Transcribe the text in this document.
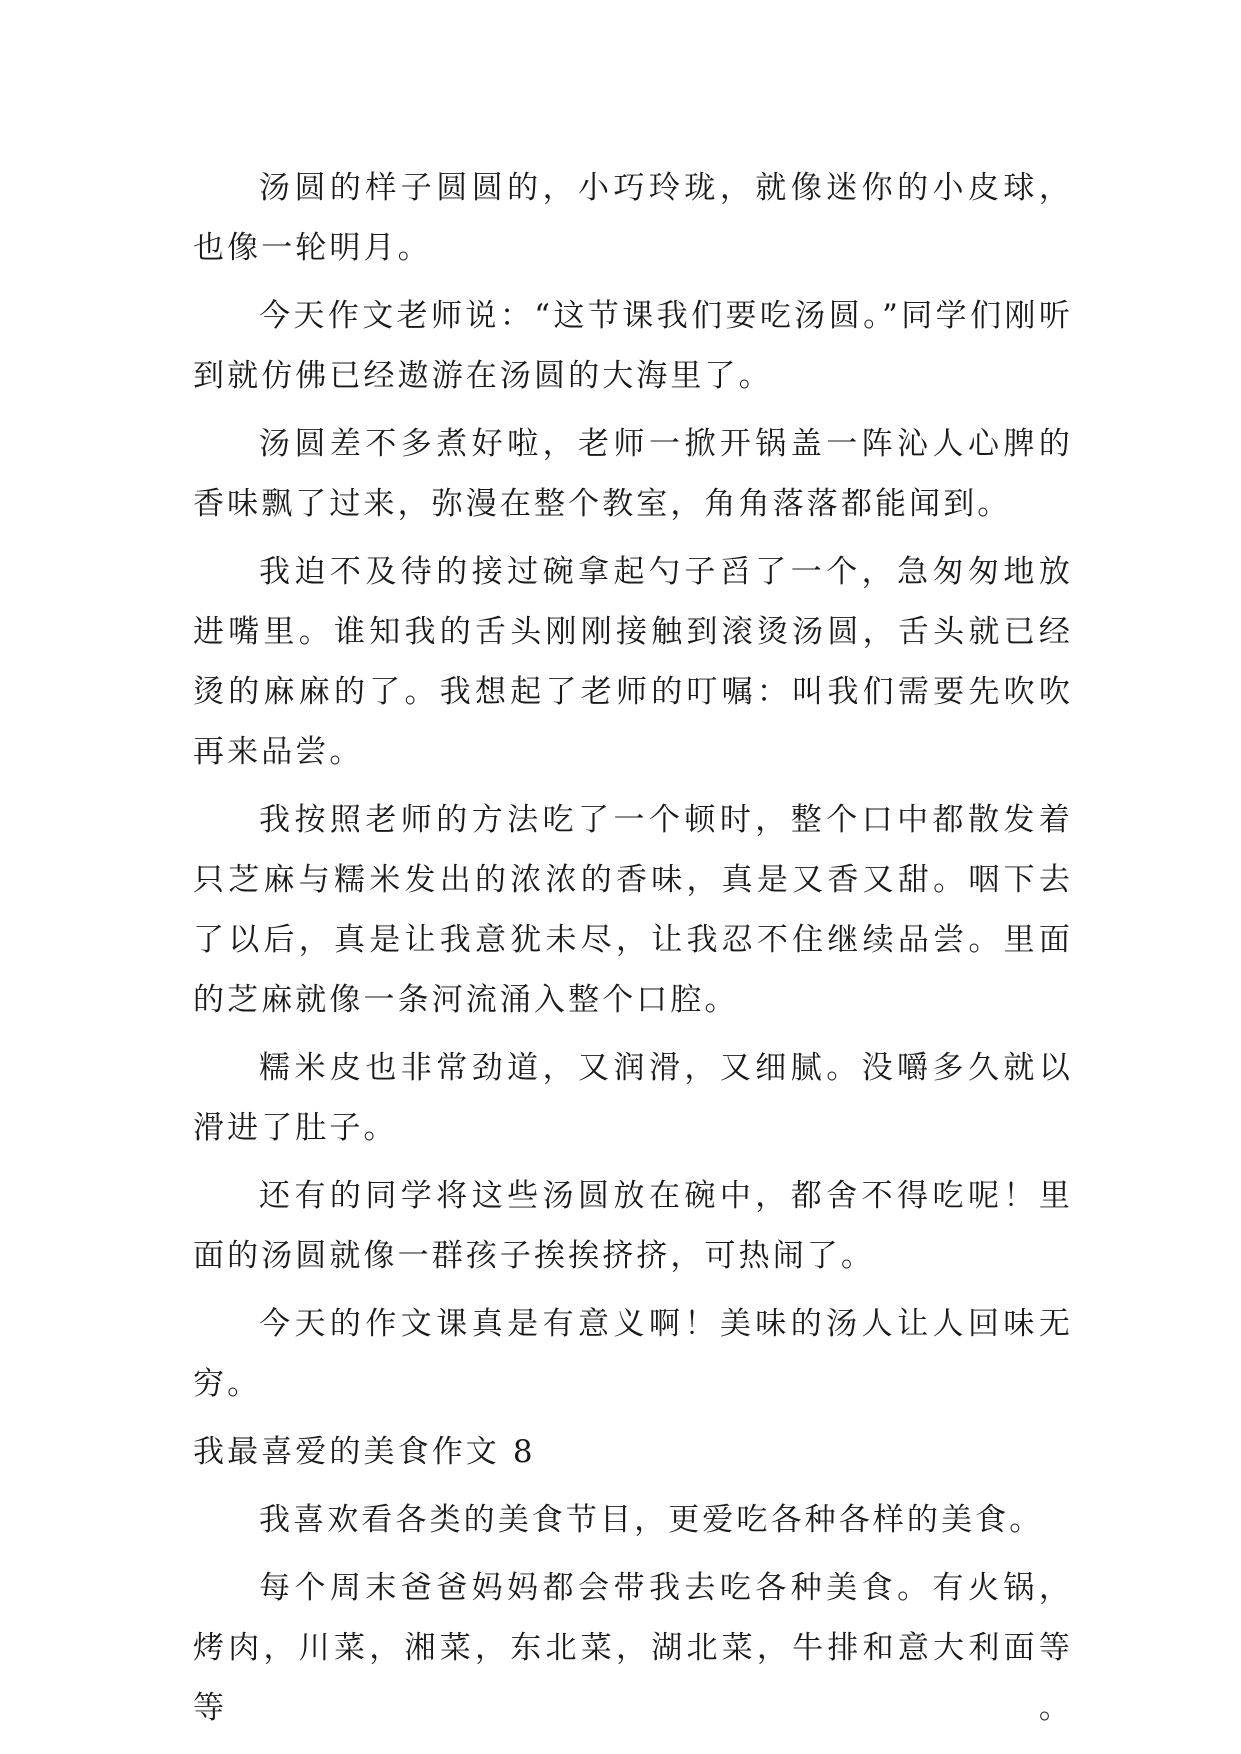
汤圆的样子圆圆的，小巧玲珑，就像迷你的小皮球，也像一轮明月。

今天作文老师说：“这节课我们要吃汤圆。”同学们刚听到就仿佛已经遨游在汤圆的大海里了。

汤圆差不多煮好啦，老师一掀开锅盖一阵沁人心脾的香味飘了过来，弥漫在整个教室，角角落落都能闻到。

我迫不及待的接过碗拿起勺子舀了一个，急匆匆地放进嘴里。谁知我的舌头刚刚接触到滚烫汤圆，舌头就已经烫的麻麻的了。我想起了老师的叮嘱：叫我们需要先吹吹再来品尝。

我按照老师的方法吃了一个顿时，整个口中都散发着只芝麻与糯米发出的浓浓的香味，真是又香又甜。咽下去了以后，真是让我意犹未尽，让我忍不住继续品尝。里面的芝麻就像一条河流涌入整个口腔。

糯米皮也非常劲道，又润滑，又细腻。没嚼多久就以滑进了肚子。

还有的同学将这些汤圆放在碗中，都舍不得吃呢！里面的汤圆就像一群孩子挨挨挤挤，可热闹了。

今天的作文课真是有意义啊！美味的汤人让人回味无穷。

我最喜爱的美食作文 8

我喜欢看各类的美食节目，更爱吃各种各样的美食。

每个周末爸爸妈妈都会带我去吃各种美食。有火锅，烤肉，川菜，湘菜，东北菜，湖北菜，牛排和意大利面等等。
